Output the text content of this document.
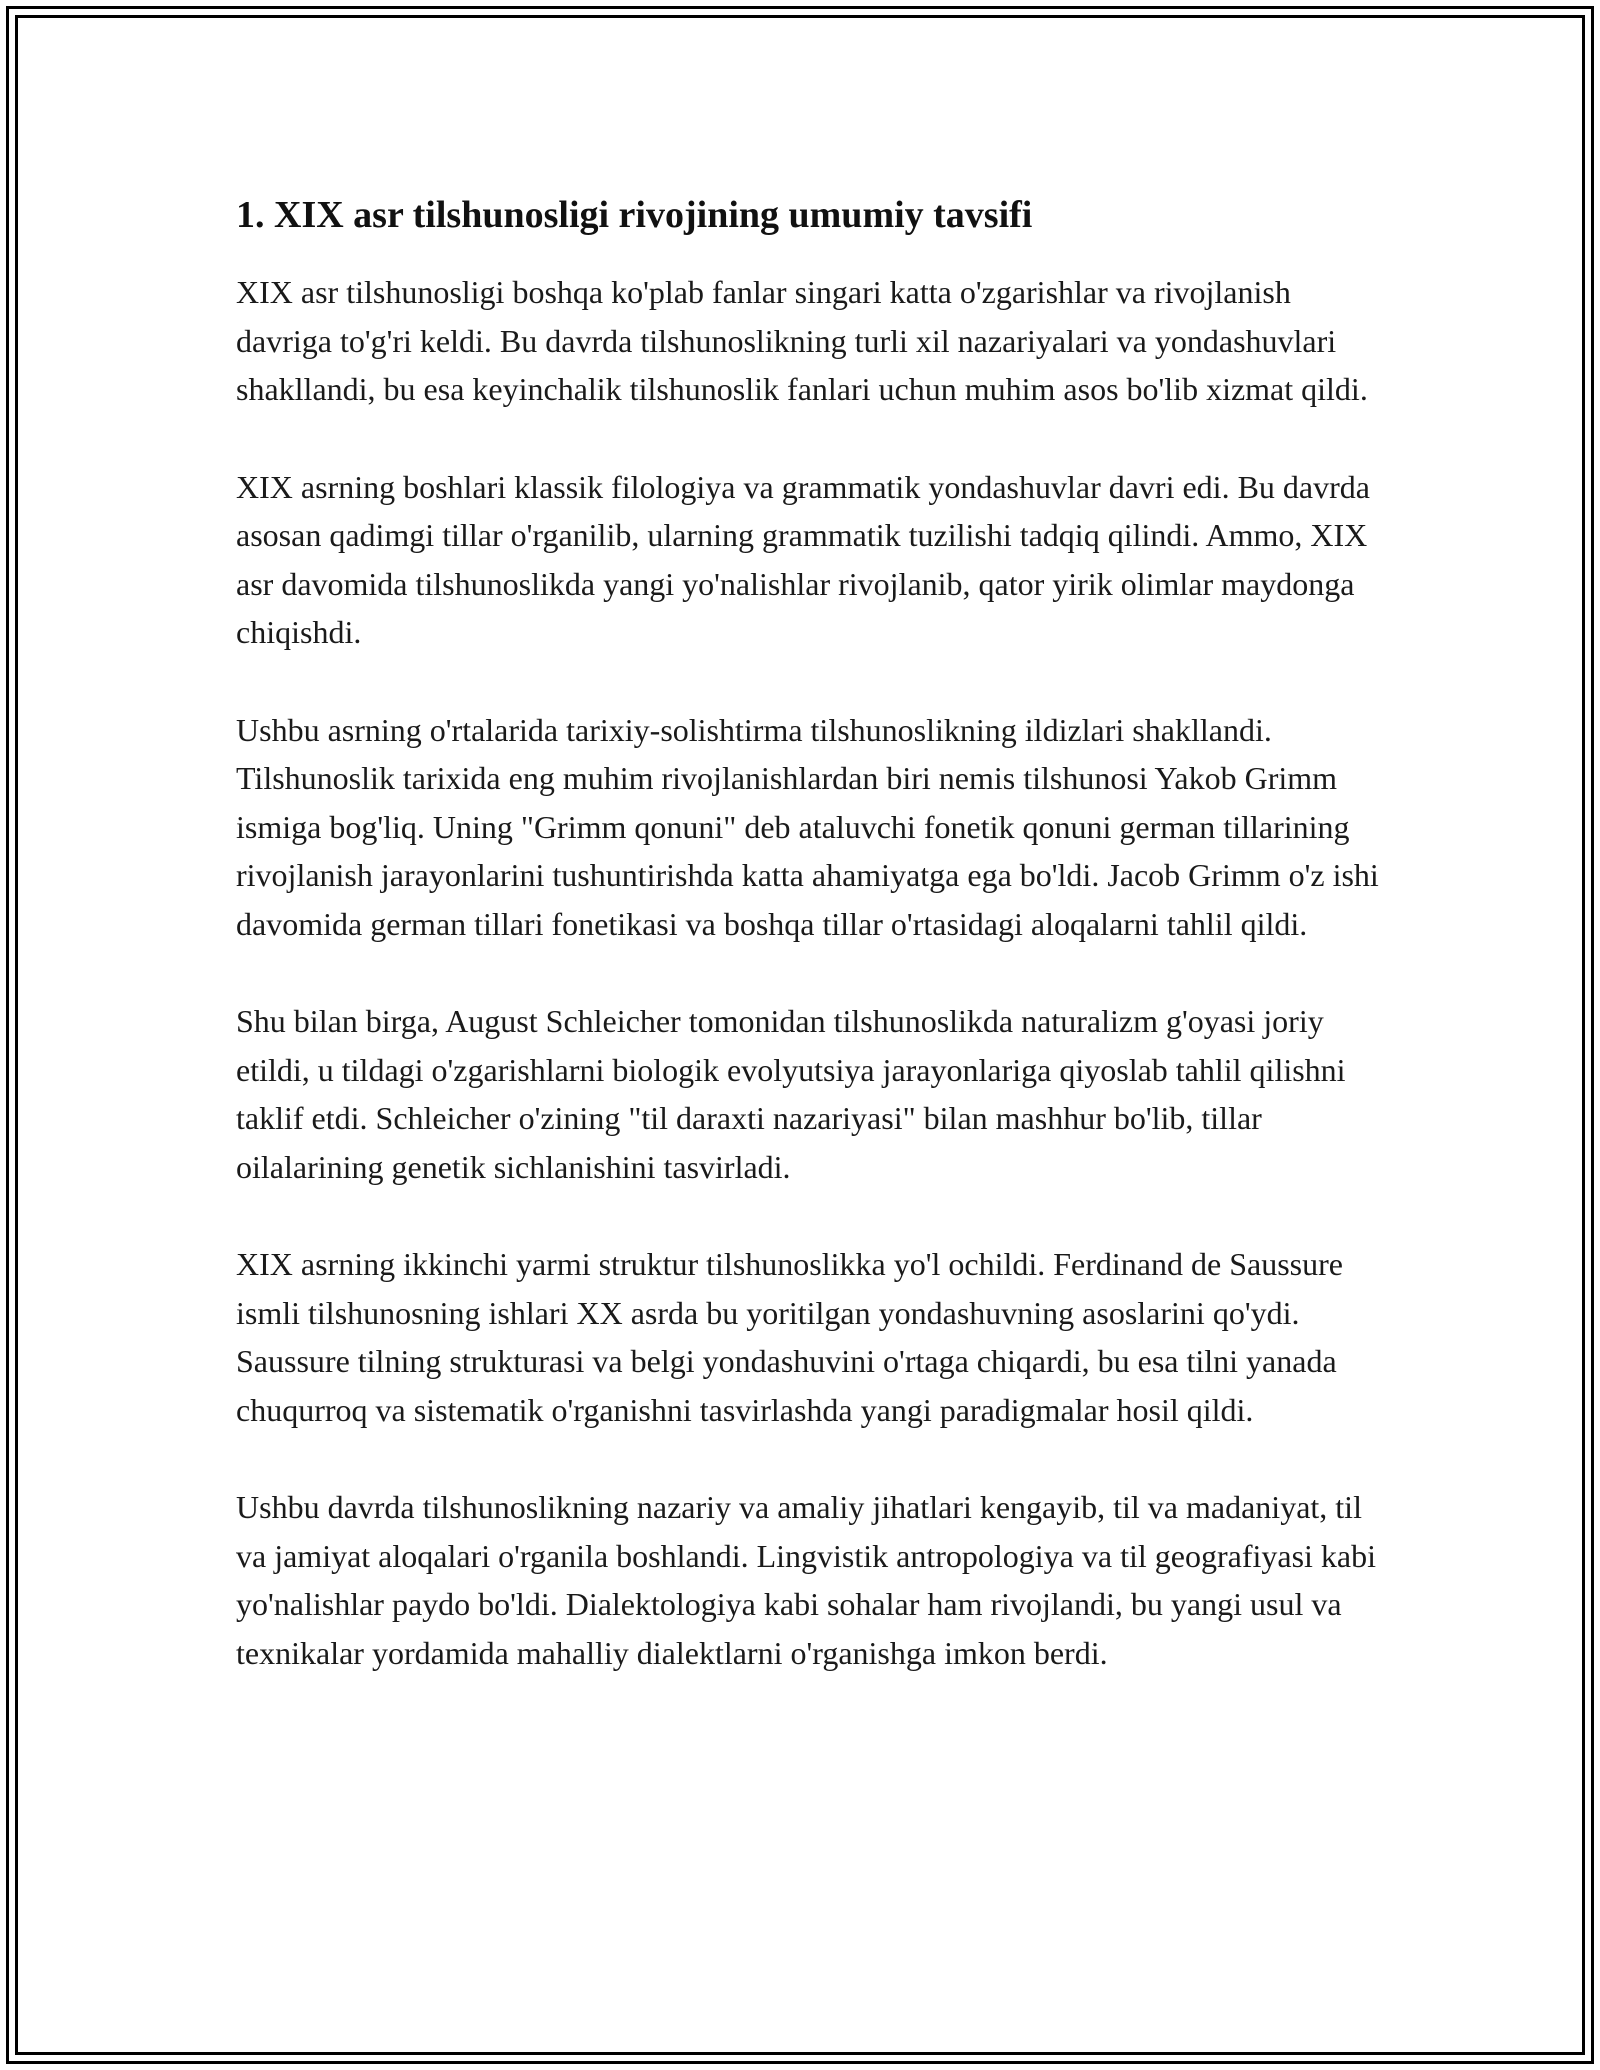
1. XIX asr tilshunosligi rivojining umumiy tavsifi

XIX asr tilshunosligi boshqa ko'plab fanlar singari katta o'zgarishlar va rivojlanish davriga to'g'ri keldi. Bu davrda tilshunoslikning turli xil nazariyalari va yondashuvlari shakllandi, bu esa keyinchalik tilshunoslik fanlari uchun muhim asos bo'lib xizmat qildi.

XIX asrning boshlari klassik filologiya va grammatik yondashuvlar davri edi. Bu davrda asosan qadimgi tillar o'rganilib, ularning grammatik tuzilishi tadqiq qilindi. Ammo, XIX asr davomida tilshunoslikda yangi yo'nalishlar rivojlanib, qator yirik olimlar maydonga chiqishdi.

Ushbu asrning o'rtalarida tarixiy-solishtirma tilshunoslikning ildizlari shakllandi. Tilshunoslik tarixida eng muhim rivojlanishlardan biri nemis tilshunosi Yakob Grimm ismiga bog'liq. Uning "Grimm qonuni" deb ataluvchi fonetik qonuni german tillarining rivojlanish jarayonlarini tushuntirishda katta ahamiyatga ega bo'ldi. Jacob Grimm o'z ishi davomida german tillari fonetikasi va boshqa tillar o'rtasidagi aloqalarni tahlil qildi.

Shu bilan birga, August Schleicher tomonidan tilshunoslikda naturalizm g'oyasi joriy etildi, u tildagi o'zgarishlarni biologik evolyutsiya jarayonlariga qiyoslab tahlil qilishni taklif etdi. Schleicher o'zining "til daraxti nazariyasi" bilan mashhur bo'lib, tillar oilalarining genetik sichlanishini tasvirladi.

XIX asrning ikkinchi yarmi struktur tilshunoslikka yo'l ochildi. Ferdinand de Saussure ismli tilshunosning ishlari XX asrda bu yoritilgan yondashuvning asoslarini qo'ydi. Saussure tilning strukturasi va belgi yondashuvini o'rtaga chiqardi, bu esa tilni yanada chuqurroq va sistematik o'rganishni tasvirlashda yangi paradigmalar hosil qildi.

Ushbu davrda tilshunoslikning nazariy va amaliy jihatlari kengayib, til va madaniyat, til va jamiyat aloqalari o'rganila boshlandi. Lingvistik antropologiya va til geografiyasi kabi yo'nalishlar paydo bo'ldi. Dialektologiya kabi sohalar ham rivojlandi, bu yangi usul va texnikalar yordamida mahalliy dialektlarni o'rganishga imkon berdi.
